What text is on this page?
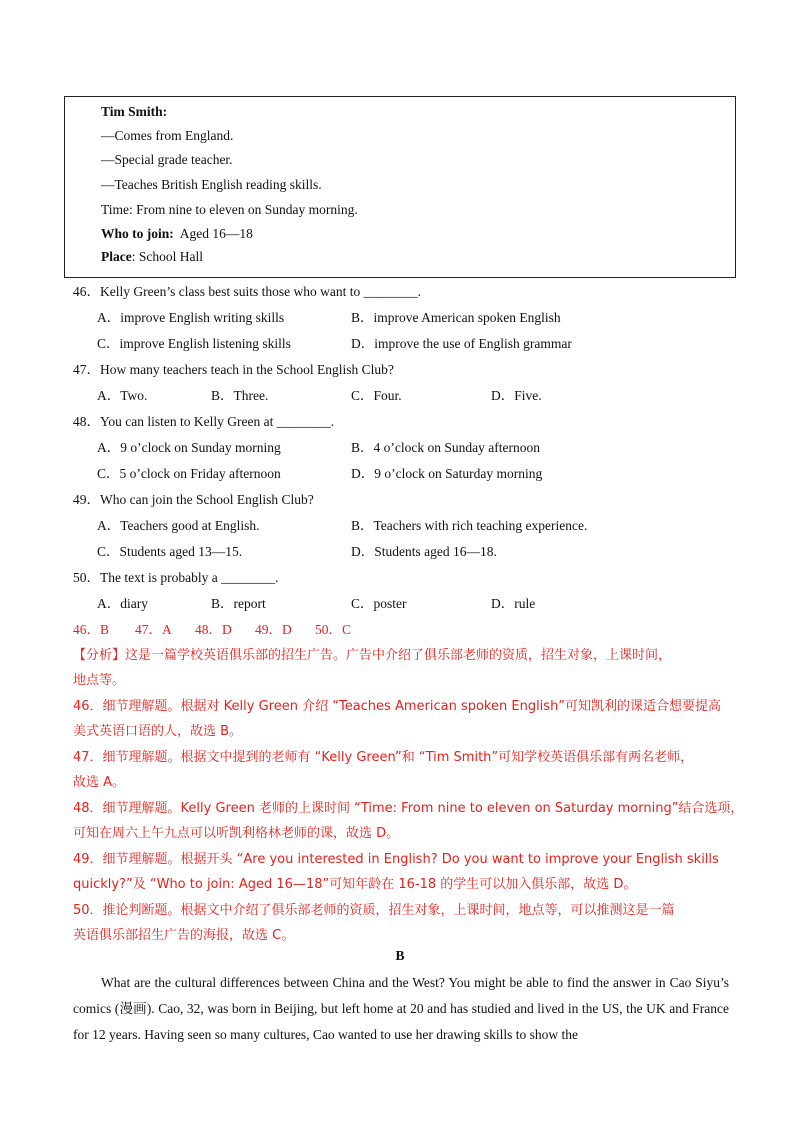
Tim Smith:
—Comes from England.
—Special grade teacher.
—Teaches British English reading skills.
Time: From nine to eleven on Sunday morning.
Who to join: Aged 16—18
Place: School Hall
46．Kelly Green’s class best suits those who want to ________.
A．improve English writing skills	B．improve American spoken English
C．improve English listening skills	D．improve the use of English grammar
47．How many teachers teach in the School English Club?
A．Two.	B．Three.	C．Four.	D．Five.
48．You can listen to Kelly Green at ________.
A．9 o’clock on Sunday morning	B．4 o’clock on Sunday afternoon
C．5 o’clock on Friday afternoon	D．9 o’clock on Saturday morning
49．Who can join the School English Club?
A．Teachers good at English.	B．Teachers with rich teaching experience.
C．Students aged 13—15.	D．Students aged 16—18.
50．The text is probably a ________.
A．diary	B．report	C．poster	D．rule
46．B 47．A 48．D 49．D 50．C
【分析】这是一篇学校英语俱乐部的招生广告。广告中介绍了俱乐部老师的资质，招生对象，上课时间，
地点等。
46．细节理解题。根据对 Kelly Green 介绍 “Teaches American spoken English”可知凯利的课适合想要提高
美式英语口语的人，故选 B。
47．细节理解题。根据文中提到的老师有 “Kelly Green”和 “Tim Smith”可知学校英语俱乐部有两名老师，
故选 A。
48．细节理解题。Kelly Green 老师的上课时间 “Time: From nine to eleven on Saturday morning”结合选项，
可知在周六上午九点可以听凯利格林老师的课，故选 D。
49．细节理解题。根据开头 “Are you interested in English? Do you want to improve your English skills
quickly?”及 “Who to join: Aged 16—18”可知年龄在 16-18 的学生可以加入俱乐部，故选 D。
50．推论判断题。根据文中介绍了俱乐部老师的资质，招生对象，上课时间，地点等，可以推测这是一篇
英语俱乐部招生广告的海报，故选 C。
B
What are the cultural differences between China and the West? You might be able to find the answer in Cao Siyu’s comics (漫画). Cao, 32, was born in Beijing, but left home at 20 and has studied and lived in the US, the UK and France for 12 years. Having seen so many cultures, Cao wanted to use her drawing skills to show the
